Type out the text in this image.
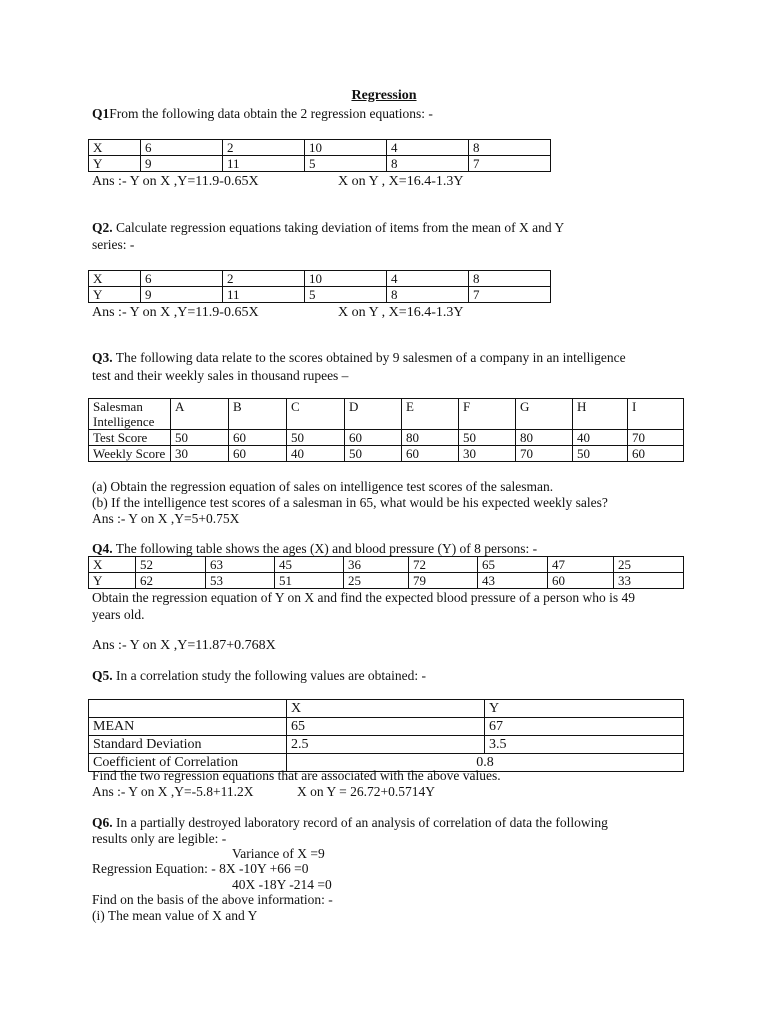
Regression
Q1From the following data obtain the 2 regression equations: -
X	6	2	10	4	8
Y	9	11	5	8	7
Ans :- Y on X ,Y=11.9-0.65X	X on Y , X=16.4-1.3Y
Q2. Calculate regression equations taking deviation of items from the mean of X and Y
series: -
X	6	2	10	4	8
Y	9	11	5	8	7
Ans :- Y on X ,Y=11.9-0.65X	X on Y , X=16.4-1.3Y
Q3. The following data relate to the scores obtained by 9 salesmen of a company in an intelligence
test and their weekly sales in thousand rupees –
Salesman Intelligence	A	B	C	D	E	F	G	H	I
Test Score	50	60	50	60	80	50	80	40	70
Weekly Score	30	60	40	50	60	30	70	50	60
(a) Obtain the regression equation of sales on intelligence test scores of the salesman.
(b) If the intelligence test scores of a salesman in 65, what would be his expected weekly sales?
Ans :- Y on X ,Y=5+0.75X
Q4. The following table shows the ages (X) and blood pressure (Y) of 8 persons: -
X	52	63	45	36	72	65	47	25
Y	62	53	51	25	79	43	60	33
Obtain the regression equation of Y on X and find the expected blood pressure of a person who is 49
years old.
Ans :- Y on X ,Y=11.87+0.768X
Q5. In a correlation study the following values are obtained: -
	X	Y
MEAN	65	67
Standard Deviation	2.5	3.5
Coefficient of Correlation	0.8	
Find the two regression equations that are associated with the above values.
Ans :- Y on X ,Y=-5.8+11.2X	X on Y = 26.72+0.5714Y
Q6. In a partially destroyed laboratory record of an analysis of correlation of data the following
results only are legible: -
Variance of X =9
Regression Equation: - 8X -10Y +66 =0
40X -18Y -214 =0
Find on the basis of the above information: -
(i) The mean value of X and Y
